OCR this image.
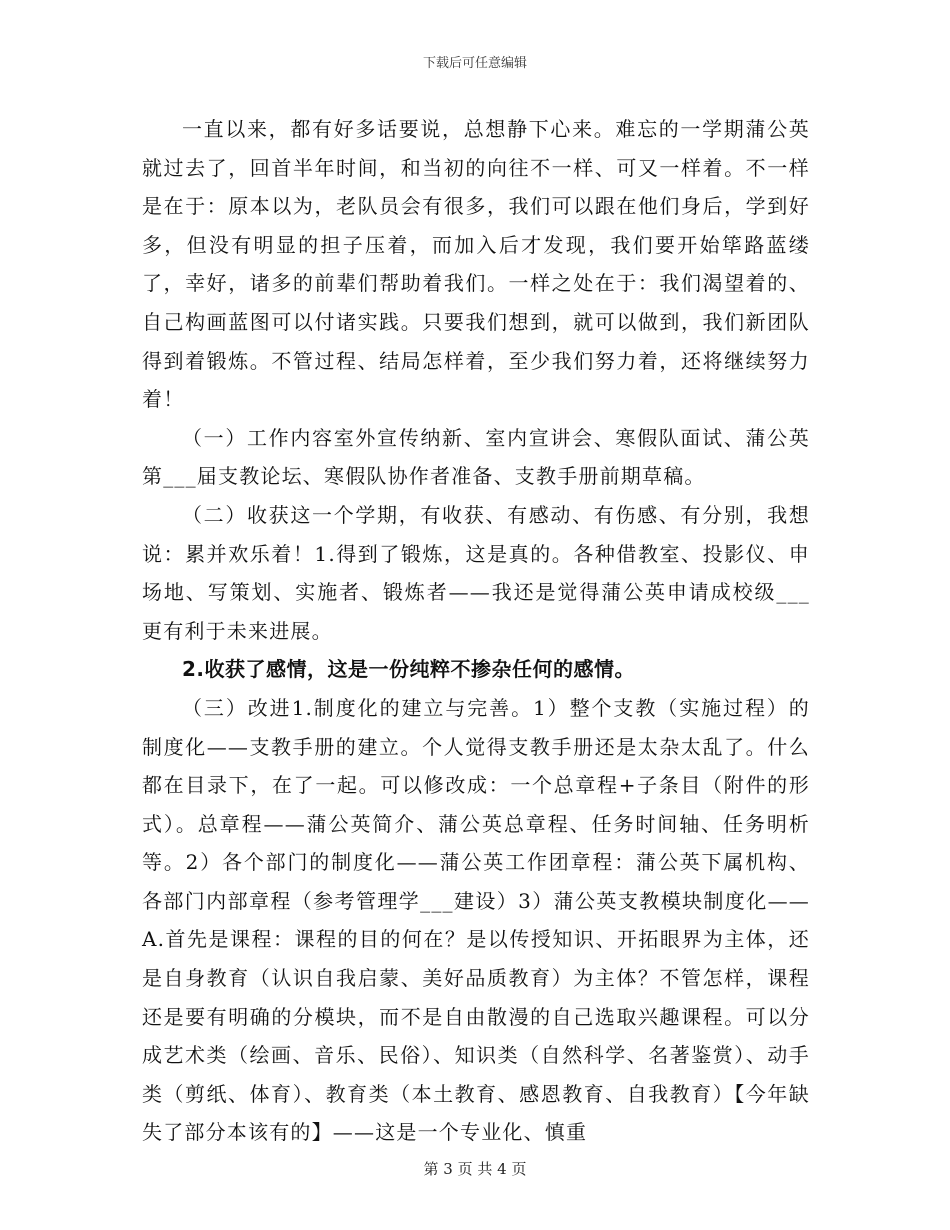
下载后可任意编辑

一直以来，都有好多话要说，总想静下心来。难忘的一学期蒲公英就过去了，回首半年时间，和当初的向往不一样、可又一样着。不一样是在于：原本以为，老队员会有很多，我们可以跟在他们身后，学到好多，但没有明显的担子压着，而加入后才发现，我们要开始筚路蓝缕了，幸好，诸多的前辈们帮助着我们。一样之处在于：我们渴望着的、自己构画蓝图可以付诸实践。只要我们想到，就可以做到，我们新团队得到着锻炼。不管过程、结局怎样着，至少我们努力着，还将继续努力着！

（一）工作内容室外宣传纳新、室内宣讲会、寒假队面试、蒲公英第___届支教论坛、寒假队协作者准备、支教手册前期草稿。

（二）收获这一个学期，有收获、有感动、有伤感、有分别，我想说：累并欢乐着！1.得到了锻炼，这是真的。各种借教室、投影仪、申场地、写策划、实施者、锻炼者——我还是觉得蒲公英申请成校级___更有利于未来进展。

2.收获了感情，这是一份纯粹不掺杂任何的感情。

（三）改进1.制度化的建立与完善。1）整个支教（实施过程）的制度化——支教手册的建立。个人觉得支教手册还是太杂太乱了。什么都在目录下，在了一起。可以修改成：一个总章程+子条目（附件的形式）。总章程——蒲公英简介、蒲公英总章程、任务时间轴、任务明析等。2）各个部门的制度化——蒲公英工作团章程：蒲公英下属机构、各部门内部章程（参考管理学___建设）3）蒲公英支教模块制度化——A.首先是课程：课程的目的何在？是以传授知识、开拓眼界为主体，还是自身教育（认识自我启蒙、美好品质教育）为主体？不管怎样，课程还是要有明确的分模块，而不是自由散漫的自己选取兴趣课程。可以分成艺术类（绘画、音乐、民俗）、知识类（自然科学、名著鉴赏）、动手类（剪纸、体育）、教育类（本土教育、感恩教育、自我教育）【今年缺失了部分本该有的】——这是一个专业化、慎重

第 3 页 共 4 页
